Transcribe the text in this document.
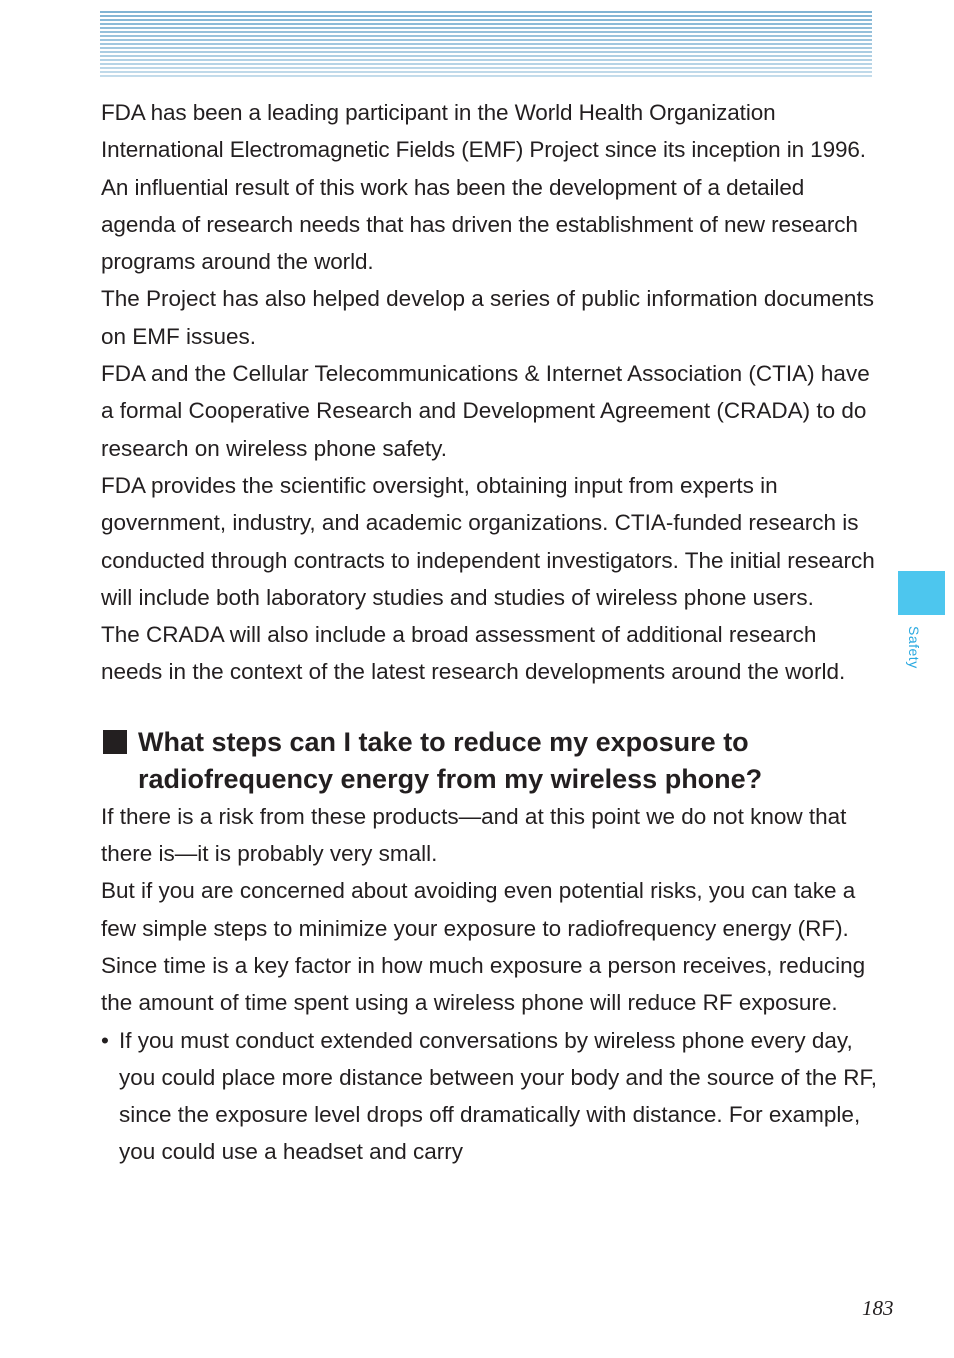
FDA has been a leading participant in the World Health Organization International Electromagnetic Fields (EMF) Project since its inception in 1996. An influential result of this work has been the development of a detailed agenda of research needs that has driven the establishment of new research programs around the world.

The Project has also helped develop a series of public information documents on EMF issues.

FDA and the Cellular Telecommunications & Internet Association (CTIA) have a formal Cooperative Research and Development Agreement (CRADA) to do research on wireless phone safety.

FDA provides the scientific oversight, obtaining input from experts in government, industry, and academic organizations. CTIA-funded research is conducted through contracts to independent investigators. The initial research will include both laboratory studies and studies of wireless phone users.

The CRADA will also include a broad assessment of additional research needs in the context of the latest research developments around the world.

What steps can I take to reduce my exposure to radiofrequency energy from my wireless phone?

If there is a risk from these products—and at this point we do not know that there is—it is probably very small.

But if you are concerned about avoiding even potential risks, you can take a few simple steps to minimize your exposure to radiofrequency energy (RF). Since time is a key factor in how much exposure a person receives, reducing the amount of time spent using a wireless phone will reduce RF exposure.

• If you must conduct extended conversations by wireless phone every day, you could place more distance between your body and the source of the RF, since the exposure level drops off dramatically with distance. For example, you could use a headset and carry

Safety
183
